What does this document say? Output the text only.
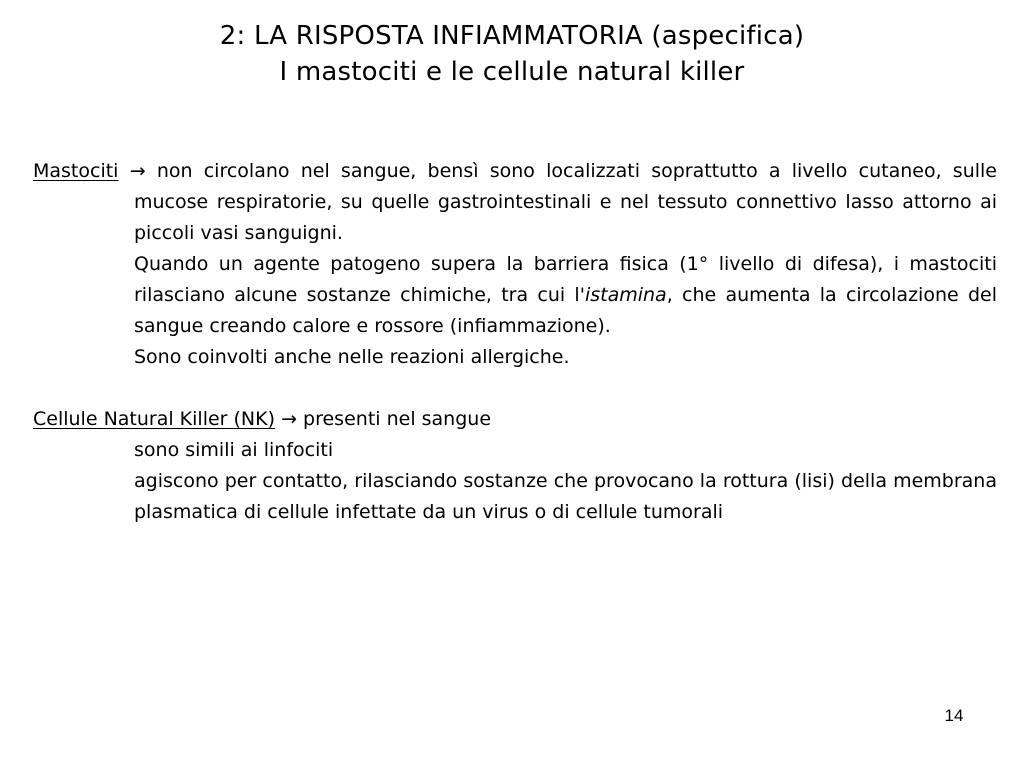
2: LA RISPOSTA INFIAMMATORIA (aspecifica)
I mastociti e le cellule natural killer

Mastociti → non circolano nel sangue, bensì sono localizzati soprattutto a livello cutaneo, sulle mucose respiratorie, su quelle gastrointestinali e nel tessuto connettivo lasso attorno ai piccoli vasi sanguigni.

Quando un agente patogeno supera la barriera fisica (1° livello di difesa), i mastociti rilasciano alcune sostanze chimiche, tra cui l'istamina, che aumenta la circolazione del sangue creando calore e rossore (infiammazione).

Sono coinvolti anche nelle reazioni allergiche.

Cellule Natural Killer (NK) → presenti nel sangue

sono simili ai linfociti

agiscono per contatto, rilasciando sostanze che provocano la rottura (lisi) della membrana plasmatica di cellule infettate da un virus o di cellule tumorali

14
